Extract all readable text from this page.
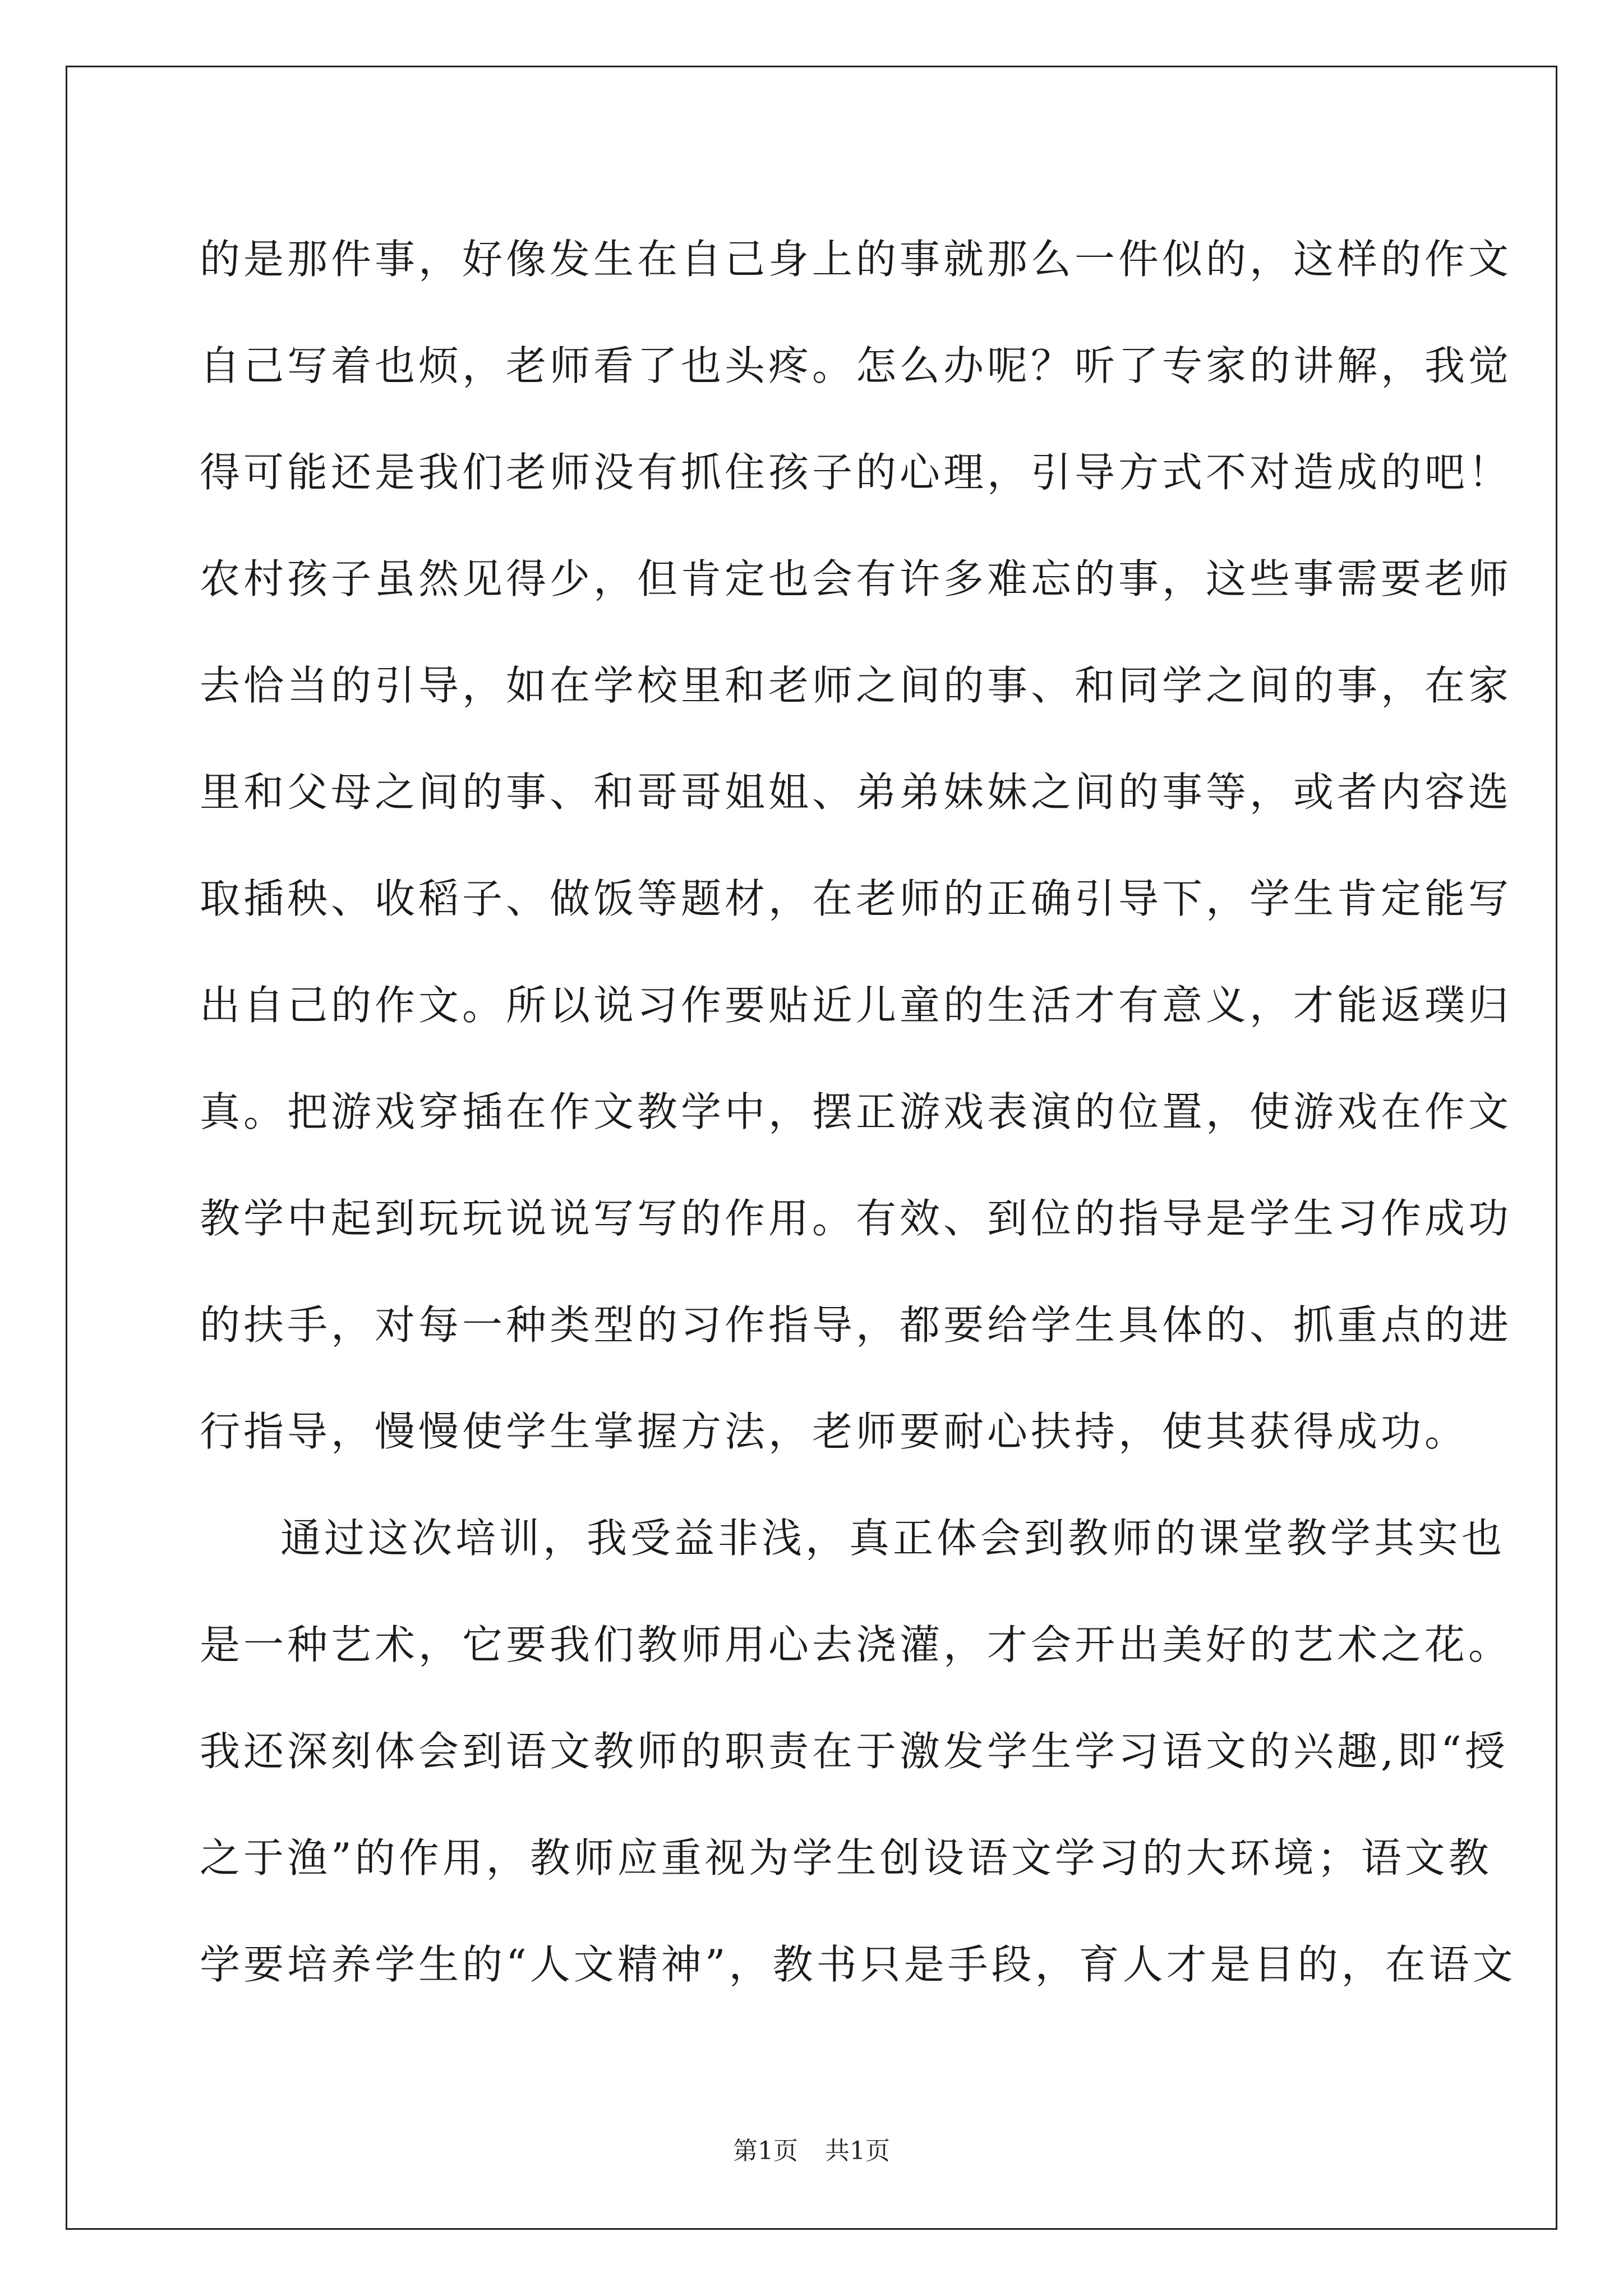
的是那件事，好像发生在自己身上的事就那么一件似的，这样的作文

自己写着也烦，老师看了也头疼。怎么办呢？听了专家的讲解，我觉

得可能还是我们老师没有抓住孩子的心理，引导方式不对造成的吧！

农村孩子虽然见得少，但肯定也会有许多难忘的事，这些事需要老师

去恰当的引导，如在学校里和老师之间的事、和同学之间的事，在家

里和父母之间的事、和哥哥姐姐、弟弟妹妹之间的事等，或者内容选

取插秧、收稻子、做饭等题材，在老师的正确引导下，学生肯定能写

出自己的作文。所以说习作要贴近儿童的生活才有意义，才能返璞归

真。把游戏穿插在作文教学中，摆正游戏表演的位置，使游戏在作文

教学中起到玩玩说说写写的作用。有效、到位的指导是学生习作成功

的扶手，对每一种类型的习作指导，都要给学生具体的、抓重点的进

行指导，慢慢使学生掌握方法，老师要耐心扶持，使其获得成功。

通过这次培训，我受益非浅，真正体会到教师的课堂教学其实也

是一种艺术，它要我们教师用心去浇灌，才会开出美好的艺术之花。

我还深刻体会到语文教师的职责在于激发学生学习语文的兴趣,即“授

之于渔”的作用，教师应重视为学生创设语文学习的大环境；语文教

学要培养学生的“人文精神”，教书只是手段，育人才是目的，在语文

第1页 共1页
